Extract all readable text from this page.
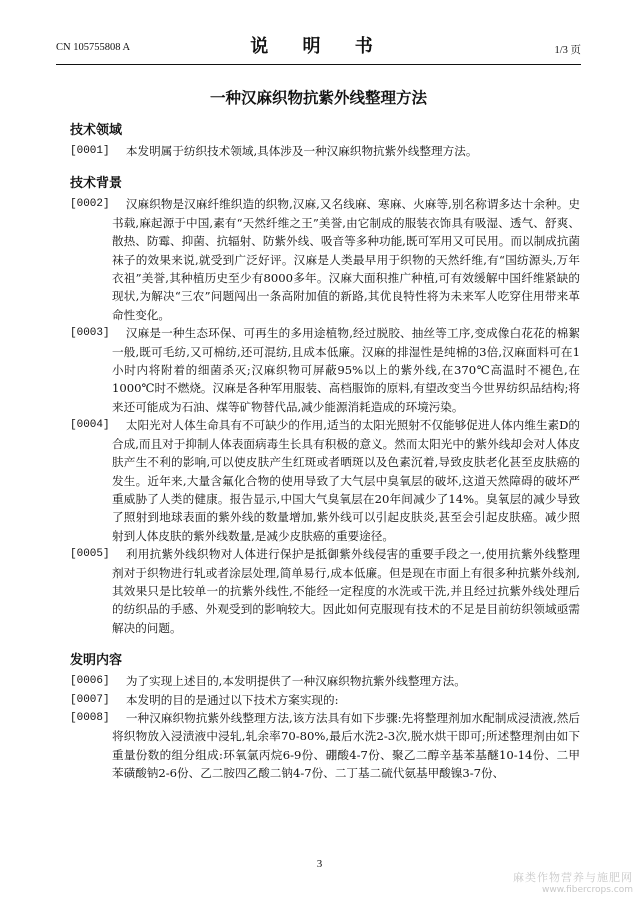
CN 105755808 A	说 明 书	1/3 页
一种汉麻织物抗紫外线整理方法
技术领域
[0001]	本发明属于纺织技术领域,具体涉及一种汉麻织物抗紫外线整理方法。
技术背景
[0002]	汉麻织物是汉麻纤维织造的织物,汉麻,又名线麻、寒麻、火麻等,别名称谓多达十余种。史书载,麻起源于中国,素有“天然纤维之王”美誉,由它制成的服装衣饰具有吸湿、透气、舒爽、散热、防霉、抑菌、抗辐射、防紫外线、吸音等多种功能,既可军用又可民用。而以制成抗菌袜子的效果来说,就受到广泛好评。汉麻是人类最早用于织物的天然纤维,有“国纺源头,万年衣祖”美誉,其种植历史至少有8000多年。汉麻大面积推广种植,可有效缓解中国纤维紧缺的现状,为解决“三农”问题闯出一条高附加值的新路,其优良特性将为未来军人吃穿住用带来革命性变化。
[0003]	汉麻是一种生态环保、可再生的多用途植物,经过脱胶、抽丝等工序,变成像白花花的棉絮一般,既可毛纺,又可棉纺,还可混纺,且成本低廉。汉麻的排湿性是纯棉的3倍,汉麻面料可在1小时内将附着的细菌杀灭;汉麻织物可屏蔽95%以上的紫外线,在370℃高温时不褪色,在1000℃时不燃烧。汉麻是各种军用服装、高档服饰的原料,有望改变当今世界纺织品结构;将来还可能成为石油、煤等矿物替代品,减少能源消耗造成的环境污染。
[0004]	太阳光对人体生命具有不可缺少的作用,适当的太阳光照射不仅能够促进人体内维生素D的合成,而且对于抑制人体表面病毒生长具有积极的意义。然而太阳光中的紫外线却会对人体皮肤产生不利的影响,可以使皮肤产生红斑或者晒斑以及色素沉着,导致皮肤老化甚至皮肤癌的发生。近年来,大量含氟化合物的使用导致了大气层中臭氧层的破坏,这道天然障碍的破坏严重威胁了人类的健康。报告显示,中国大气臭氧层在20年间减少了14%。臭氧层的减少导致了照射到地球表面的紫外线的数量增加,紫外线可以引起皮肤炎,甚至会引起皮肤癌。减少照射到人体皮肤的紫外线数量,是减少皮肤癌的重要途径。
[0005]	利用抗紫外线织物对人体进行保护是抵御紫外线侵害的重要手段之一,使用抗紫外线整理剂对于织物进行轧或者涂层处理,简单易行,成本低廉。但是现在市面上有很多种抗紫外线剂,其效果只是比较单一的抗紫外线性,不能经一定程度的水洗或干洗,并且经过抗紫外线处理后的纺织品的手感、外观受到的影响较大。因此如何克服现有技术的不足是目前纺织领域亟需解决的问题。
发明内容
[0006]	为了实现上述目的,本发明提供了一种汉麻织物抗紫外线整理方法。
[0007]	本发明的目的是通过以下技术方案实现的:
[0008]	一种汉麻织物抗紫外线整理方法,该方法具有如下步骤:先将整理剂加水配制成浸渍液,然后将织物放入浸渍液中浸轧,轧余率70-80%,最后水洗2-3次,脱水烘干即可;所述整理剂由如下重量份数的组分组成:环氧氯丙烷6-9份、硼酸4-7份、聚乙二醇辛基苯基醚10-14份、二甲苯磺酸钠2-6份、乙二胺四乙酸二钠4-7份、二丁基二硫代氨基甲酸镍3-7份、
3
麻类作物营养与施肥网
www.fibercrops.com
